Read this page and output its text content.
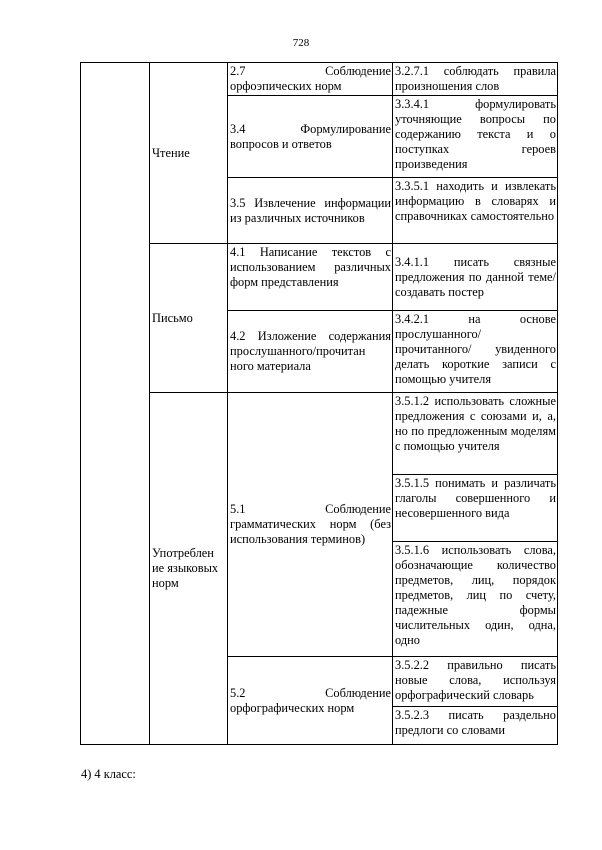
728
	Чтение	2.7 Соблюдение орфоэпических норм	3.2.7.1 соблюдать правила произношения слов
		3.4 Формулирование вопросов и ответов	3.3.4.1 формулировать уточняющие вопросы по содержанию текста и о поступках героев произведения
		3.5 Извлечение информации из различных источников	3.3.5.1 находить и извлекать информацию в словарях и справочниках самостоятельно
	Письмо	4.1 Написание текстов с использованием различных форм представления	3.4.1.1 писать связные предложения по данной теме/создавать постер
		4.2 Изложение содержания прослушанного/прочитан ного материала	3.4.2.1 на основе прослушанного/ прочитанного/ увиденного делать короткие записи с помощью учителя
	Употреблен ие языковых норм	5.1 Соблюдение грамматических норм (без использования терминов)	3.5.1.2 использовать сложные предложения с союзами и, а, но по предложенным моделям с помощью учителя
			3.5.1.5 понимать и различать глаголы совершенного и несовершенного вида
			3.5.1.6 использовать слова, обозначающие количество предметов, лиц, порядок предметов, лиц по счету, падежные формы числительных один, одна, одно
		5.2 Соблюдение орфографических норм	3.5.2.2 правильно писать новые слова, используя орфографический словарь
			3.5.2.3 писать раздельно предлоги со словами
4) 4 класс:
